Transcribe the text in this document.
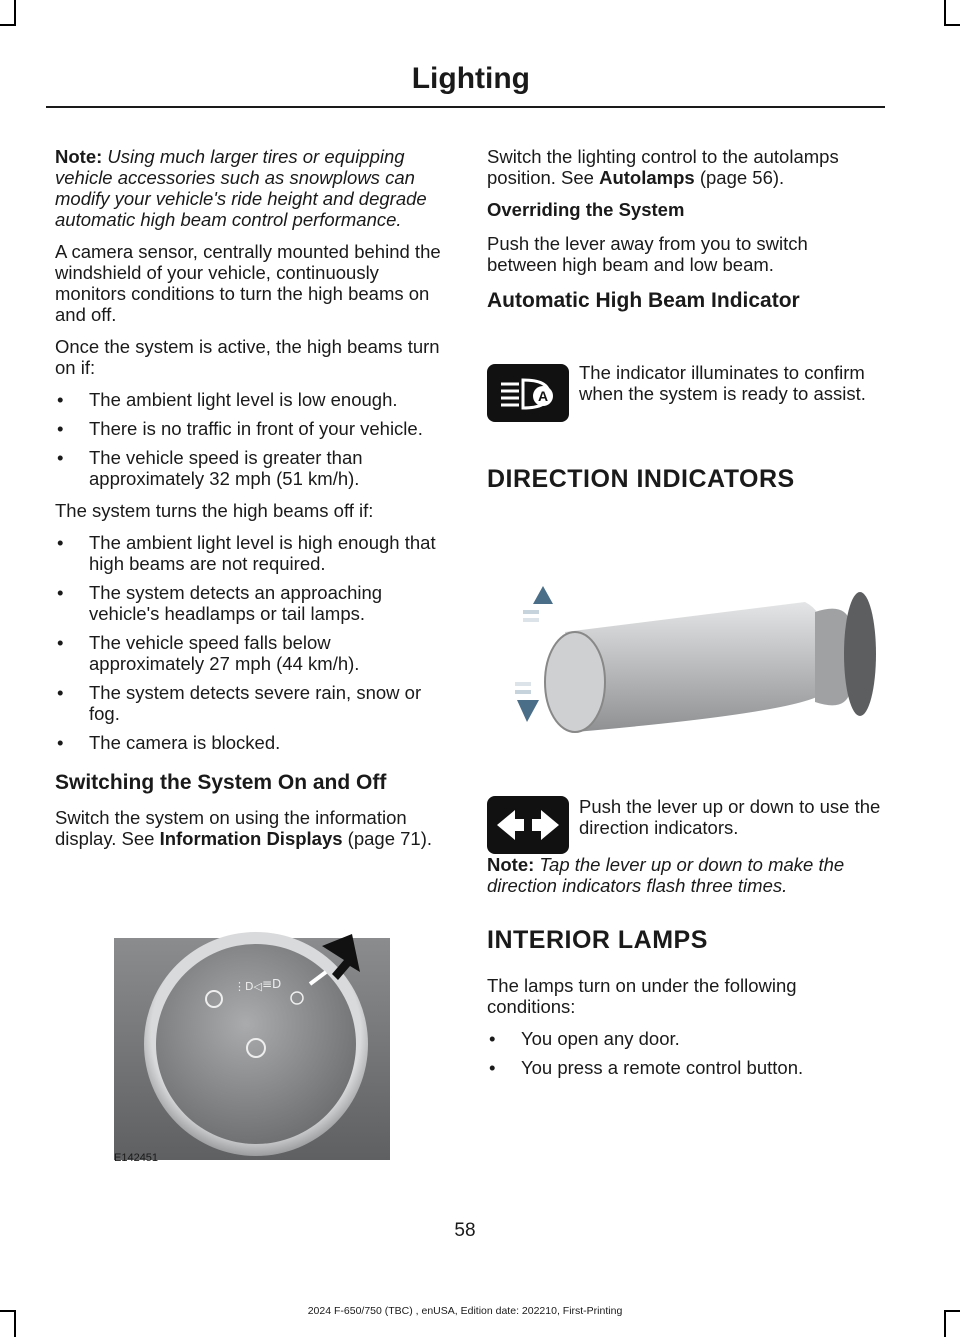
Lighting

Note: Using much larger tires or equipping vehicle accessories such as snowplows can modify your vehicle's ride height and degrade automatic high beam control performance.

A camera sensor, centrally mounted behind the windshield of your vehicle, continuously monitors conditions to turn the high beams on and off.

Once the system is active, the high beams turn on if:

• The ambient light level is low enough.
• There is no traffic in front of your vehicle.
• The vehicle speed is greater than approximately 32 mph (51 km/h).

The system turns the high beams off if:

• The ambient light level is high enough that high beams are not required.
• The system detects an approaching vehicle's headlamps or tail lamps.
• The vehicle speed falls below approximately 27 mph (44 km/h).
• The system detects severe rain, snow or fog.
• The camera is blocked.
Switching the System On and Off

Switch the system on using the information display. See Information Displays (page 71).

⋮D◁ ≡D
E142451

Switch the lighting control to the autolamps position. See Autolamps (page 56).

Overriding the System

Push the lever away from you to switch between high beam and low beam.

Automatic High Beam Indicator
A

The indicator illuminates to confirm when the system is ready to assist.

DIRECTION INDICATORS

Push the lever up or down to use the direction indicators.

Note: Tap the lever up or down to make the direction indicators flash three times.

INTERIOR LAMPS

The lamps turn on under the following conditions:

• You open any door.
• You press a remote control button.
58
2024 F-650/750 (TBC) , enUSA, Edition date: 202210, First-Printing
